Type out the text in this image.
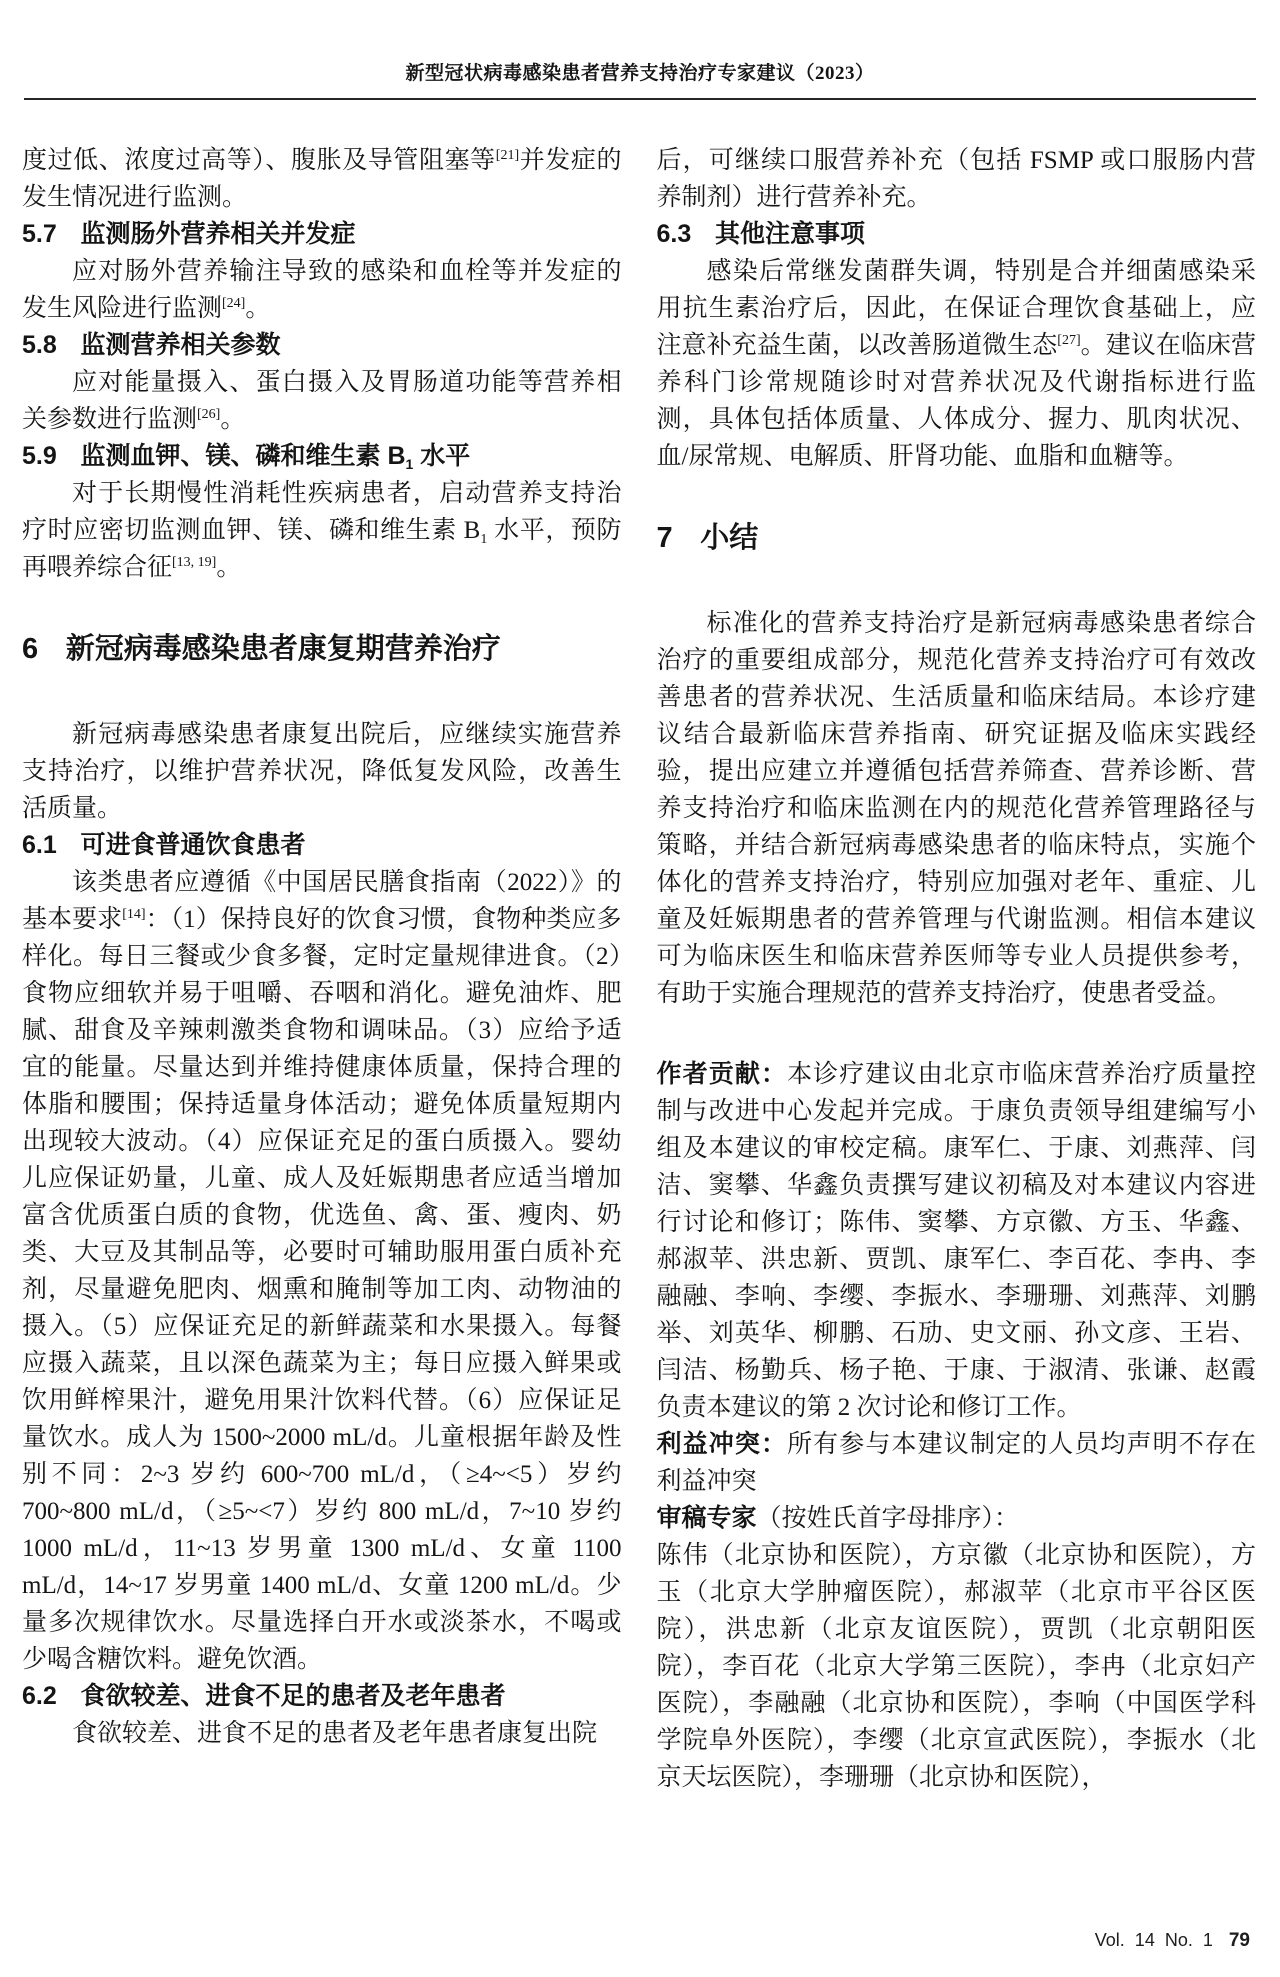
新型冠状病毒感染患者营养支持治疗专家建议（2023）

度过低、浓度过高等）、腹胀及导管阻塞等[21]并发症的发生情况进行监测。

5.7 监测肠外营养相关并发症

应对肠外营养输注导致的感染和血栓等并发症的发生风险进行监测[24]。

5.8 监测营养相关参数

应对能量摄入、蛋白摄入及胃肠道功能等营养相关参数进行监测[26]。

5.9 监测血钾、镁、磷和维生素 $B_1$ 水平

对于长期慢性消耗性疾病患者，启动营养支持治疗时应密切监测血钾、镁、磷和维生素 $B_1$ 水平，预防再喂养综合征[13, 19]。

6 新冠病毒感染患者康复期营养治疗

新冠病毒感染患者康复出院后，应继续实施营养支持治疗，以维护营养状况，降低复发风险，改善生活质量。

6.1 可进食普通饮食患者

该类患者应遵循《中国居民膳食指南（2022）》的基本要求[14]：（1）保持良好的饮食习惯，食物种类应多样化。每日三餐或少食多餐，定时定量规律进食。（2）食物应细软并易于咀嚼、吞咽和消化。避免油炸、肥腻、甜食及辛辣刺激类食物和调味品。（3）应给予适宜的能量。尽量达到并维持健康体质量，保持合理的体脂和腰围；保持适量身体活动；避免体质量短期内出现较大波动。（4）应保证充足的蛋白质摄入。婴幼儿应保证奶量，儿童、成人及妊娠期患者应适当增加富含优质蛋白质的食物，优选鱼、禽、蛋、瘦肉、奶类、大豆及其制品等，必要时可辅助服用蛋白质补充剂，尽量避免肥肉、烟熏和腌制等加工肉、动物油的摄入。（5）应保证充足的新鲜蔬菜和水果摄入。每餐应摄入蔬菜，且以深色蔬菜为主；每日应摄入鲜果或饮用鲜榨果汁，避免用果汁饮料代替。（6）应保证足量饮水。成人为 1500~2000 mL/d。儿童根据年龄及性别不同：2~3 岁约 600~700 mL/d，（≥4~<5）岁约 700~800 mL/d，（≥5~<7）岁约 800 mL/d，7~10 岁约 1000 mL/d，11~13 岁男童 1300 mL/d、女童 1100 mL/d，14~17 岁男童 1400 mL/d、女童 1200 mL/d。少量多次规律饮水。尽量选择白开水或淡茶水，不喝或少喝含糖饮料。避免饮酒。

6.2 食欲较差、进食不足的患者及老年患者

食欲较差、进食不足的患者及老年患者康复出院

后，可继续口服营养补充（包括 FSMP 或口服肠内营养制剂）进行营养补充。

6.3 其他注意事项

感染后常继发菌群失调，特别是合并细菌感染采用抗生素治疗后，因此，在保证合理饮食基础上，应注意补充益生菌，以改善肠道微生态[27]。建议在临床营养科门诊常规随诊时对营养状况及代谢指标进行监测，具体包括体质量、人体成分、握力、肌肉状况、血/尿常规、电解质、肝肾功能、血脂和血糖等。

7 小结

标准化的营养支持治疗是新冠病毒感染患者综合治疗的重要组成部分，规范化营养支持治疗可有效改善患者的营养状况、生活质量和临床结局。本诊疗建议结合最新临床营养指南、研究证据及临床实践经验，提出应建立并遵循包括营养筛查、营养诊断、营养支持治疗和临床监测在内的规范化营养管理路径与策略，并结合新冠病毒感染患者的临床特点，实施个体化的营养支持治疗，特别应加强对老年、重症、儿童及妊娠期患者的营养管理与代谢监测。相信本建议可为临床医生和临床营养医师等专业人员提供参考，有助于实施合理规范的营养支持治疗，使患者受益。

作者贡献：本诊疗建议由北京市临床营养治疗质量控制与改进中心发起并完成。于康负责领导组建编写小组及本建议的审校定稿。康军仁、于康、刘燕萍、闫洁、窦攀、华鑫负责撰写建议初稿及对本建议内容进行讨论和修订；陈伟、窦攀、方京徽、方玉、华鑫、郝淑苹、洪忠新、贾凯、康军仁、李百花、李冉、李融融、李响、李缨、李振水、李珊珊、刘燕萍、刘鹏举、刘英华、柳鹏、石劢、史文丽、孙文彦、王岩、闫洁、杨勤兵、杨子艳、于康、于淑清、张谦、赵霞负责本建议的第 2 次讨论和修订工作。

利益冲突：所有参与本建议制定的人员均声明不存在利益冲突

审稿专家（按姓氏首字母排序）：

陈伟（北京协和医院），方京徽（北京协和医院），方玉（北京大学肿瘤医院），郝淑苹（北京市平谷区医院），洪忠新（北京友谊医院），贾凯（北京朝阳医院），李百花（北京大学第三医院），李冉（北京妇产医院），李融融（北京协和医院），李响（中国医学科学院阜外医院），李缨（北京宣武医院），李振水（北京天坛医院），李珊珊（北京协和医院），

Vol. 14 No. 1 79
